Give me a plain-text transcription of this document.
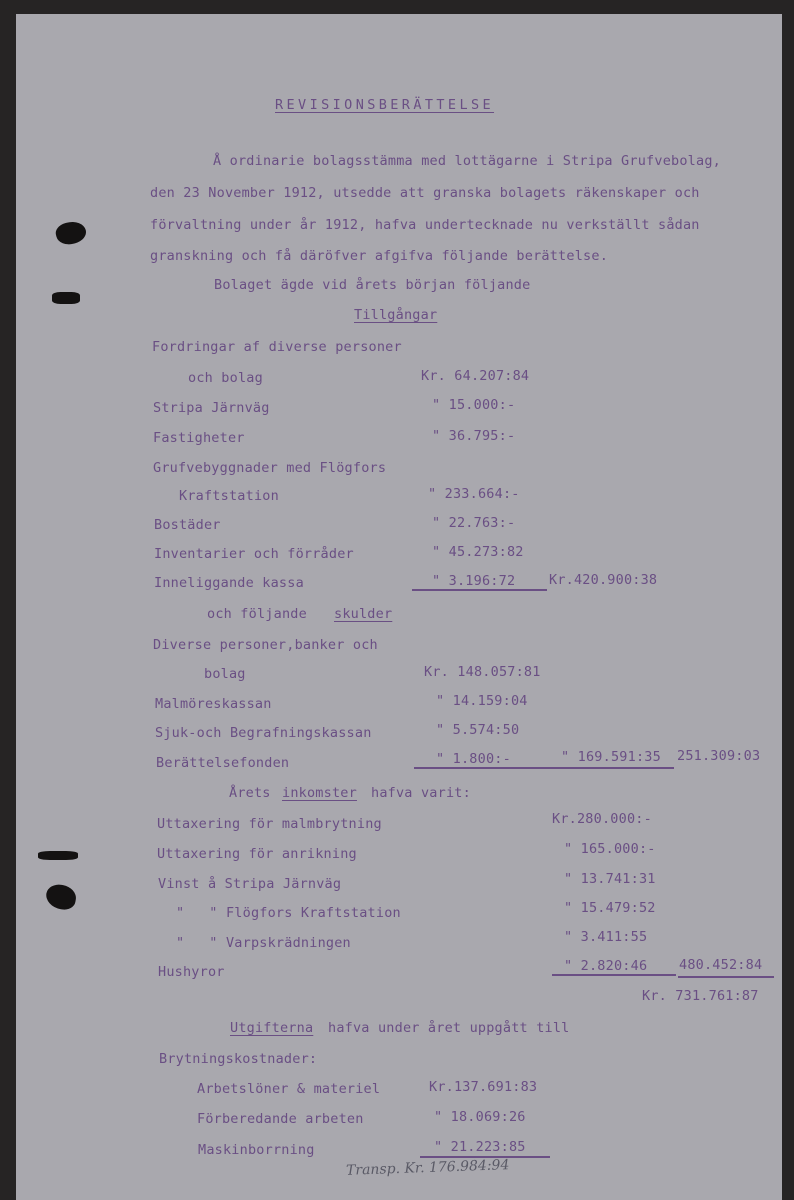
REVISIONSBERÄTTELSE
Å ordinarie bolagsstämma med lottägarne i Stripa Grufvebolag,
den 23 November 1912, utsedde att granska bolagets räkenskaper och
förvaltning under år 1912, hafva undertecknade nu verkställt sådan
granskning och få däröfver afgifva följande berättelse.
Bolaget ägde vid årets början följande
Tillgångar
Fordringar af diverse personer
och bolag	Kr. 64.207:84
Stripa Järnväg	" 15.000:-
Fastigheter	" 36.795:-
Grufvebyggnader med Flögfors
Kraftstation	" 233.664:-
Bostäder	" 22.763:-
Inventarier och förråder	" 45.273:82
Inneliggande kassa	" 3.196:72 Kr.420.900:38
och följande skulder
Diverse personer,banker och
bolag	Kr. 148.057:81
Malmöreskassan	" 14.159:04
Sjuk-och Begrafningskassan	" 5.574:50
Berättelsefonden	" 1.800:-	" 169.591:35 251.309:03
Årets inkomster hafva varit:
Uttaxering för malmbrytning	Kr.280.000:-
Uttaxering för anrikning	" 165.000:-
Vinst å Stripa Järnväg	" 13.741:31
"   " Flögfors Kraftstation	" 15.479:52
"   " Varpskrädningen	" 3.411:55
Hushyror	" 2.820:46 480.452:84
Kr. 731.761:87
Utgifterna hafva under året uppgått till
Brytningskostnader:
Arbetslöner & materiel	Kr.137.691:83
Förberedande arbeten	" 18.069:26
Maskinborrning	" 21.223:85
Transp. Kr. 176.984:94
